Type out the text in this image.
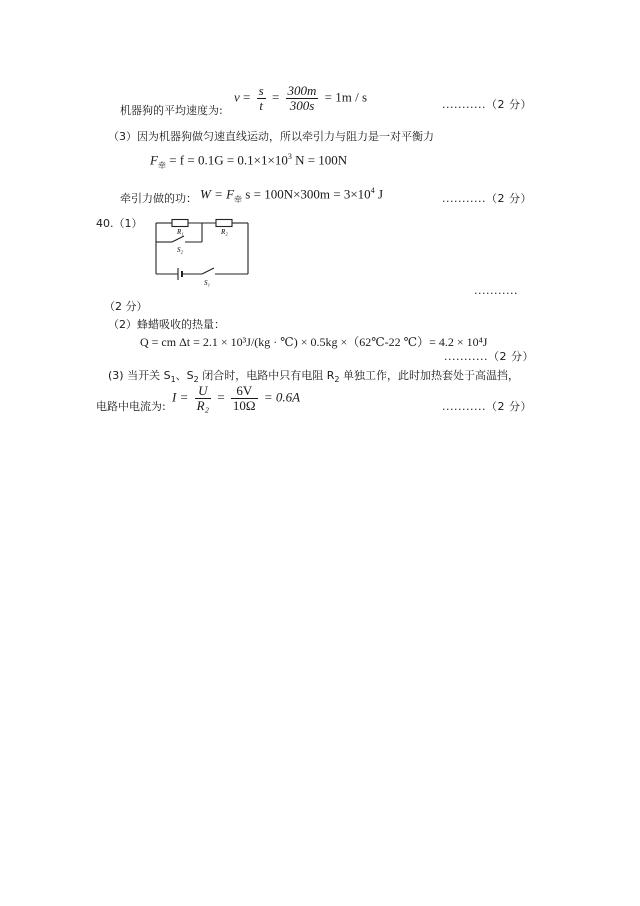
机器狗的平均速度为:
$v = \frac{s}{t} = \frac{300m}{300s} = 1m / s$
...........（2 分）
（3）因为机器狗做匀速直线运动，所以牵引力与阻力是一对平衡力
$F_牵 = f = 0.1G = 0.1\times 1\times 10^3$ N = 100N
牵引力做的功： $W = F_牵$ $s = 100N\times 300m = 3\times 10^4$ J	...........（2 分）
40.（1）
R₁	R₂
S₂
S₁
...........
（2 分）
（2）蜂蜡吸收的热量：
Q = cm Δt = 2.1 × 10³J/(kg · ℃) × 0.5kg ×（62℃-22 ℃）= 4.2 × 10⁴J
...........（2 分）
(3) 当开关 $S_1$、$S_2$ 闭合时，电路中只有电阻 $R_2$ 单独工作，此时加热套处于高温挡，
电路中电流为:
$I = \frac{U}{\text{R₂}} = \frac{6V}{10\Omega} = 0.6A$
...........（2 分）
